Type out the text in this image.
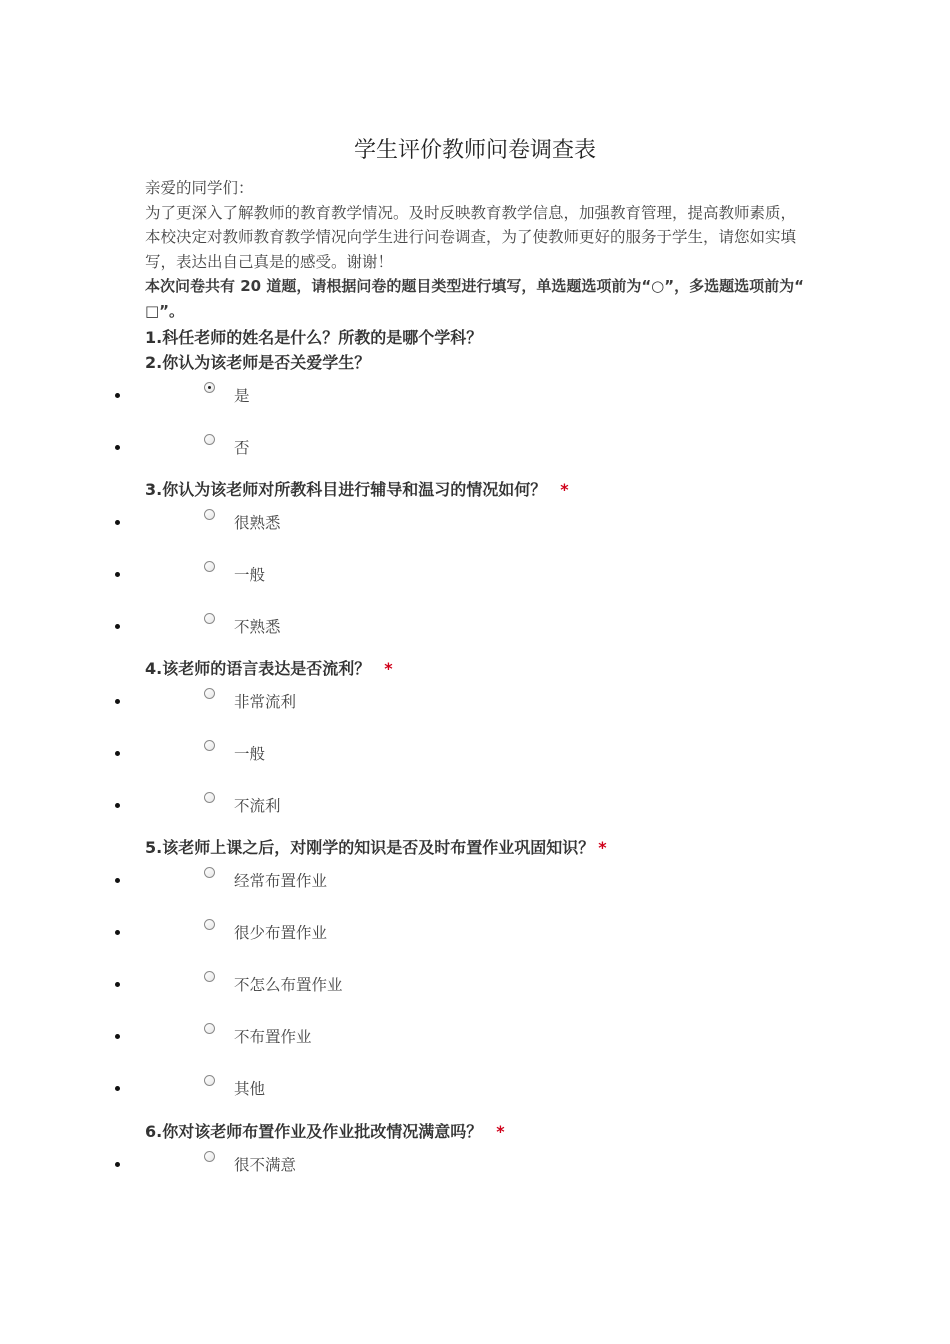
学生评价教师问卷调查表

亲爱的同学们：

为了更深入了解教师的教育教学情况。及时反映教育教学信息，加强教育管理，提高教师素质，本校决定对教师教育教学情况向学生进行问卷调查，为了使教师更好的服务于学生，请您如实填写，表达出自己真是的感受。谢谢！

本次问卷共有 20 道题，请根据问卷的题目类型进行填写，单选题选项前为“○”，多选题选项前为“ □”。

1.科任老师的姓名是什么？所教的是哪个学科？
2.你认为该老师是否关爱学生？
是
否
3.你认为该老师对所教科目进行辅导和温习的情况如何？ *
很熟悉
一般
不熟悉
4.该老师的语言表达是否流利？ *
非常流利
一般
不流利
5.该老师上课之后，对刚学的知识是否及时布置作业巩固知识？ *
经常布置作业
很少布置作业
不怎么布置作业
不布置作业
其他
6.你对该老师布置作业及作业批改情况满意吗？ *
很不满意
